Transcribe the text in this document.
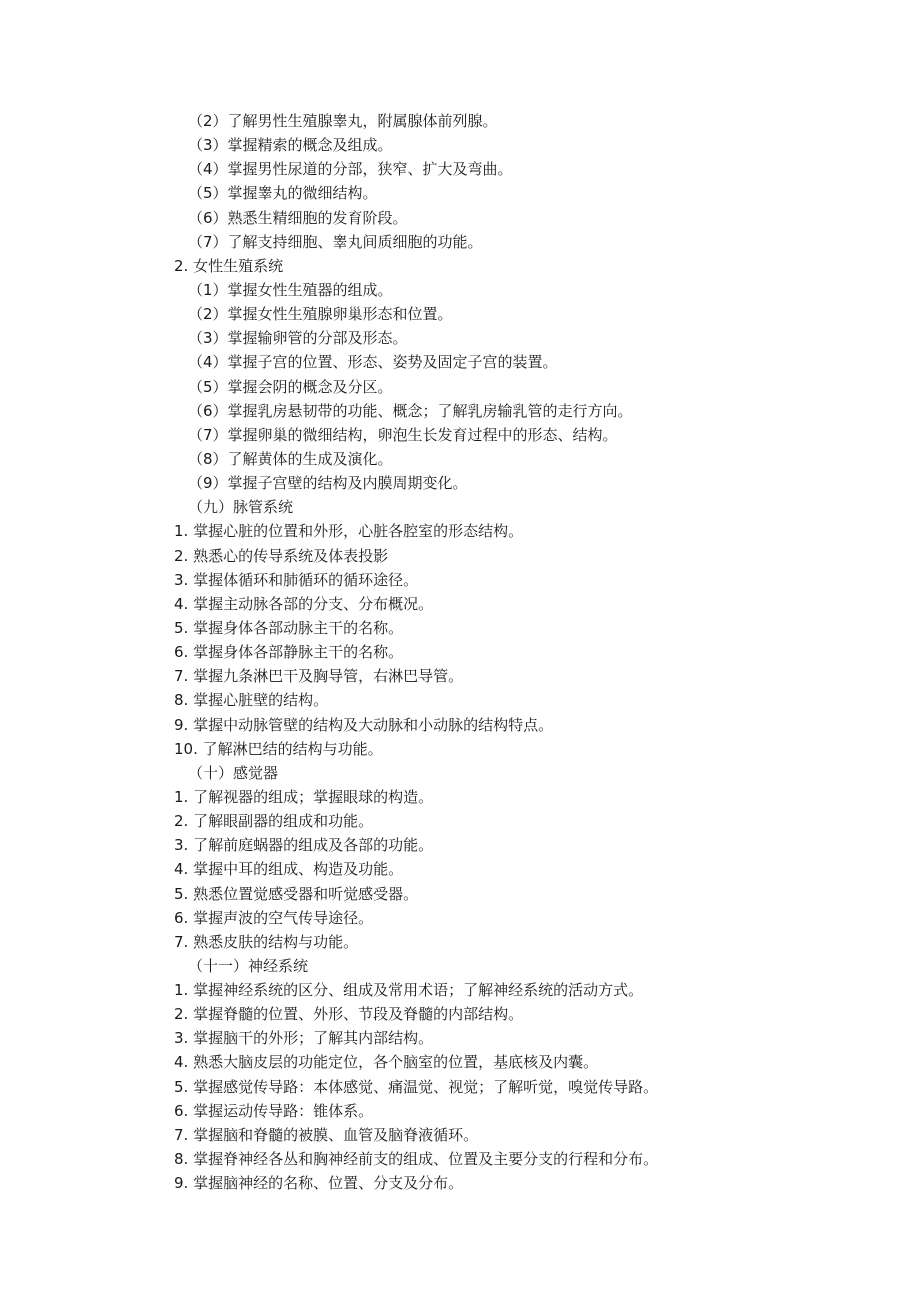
（2）了解男性生殖腺睾丸，附属腺体前列腺。
（3）掌握精索的概念及组成。
（4）掌握男性尿道的分部，狭窄、扩大及弯曲。
（5）掌握睾丸的微细结构。
（6）熟悉生精细胞的发育阶段。
（7）了解支持细胞、睾丸间质细胞的功能。
2. 女性生殖系统
（1）掌握女性生殖器的组成。
（2）掌握女性生殖腺卵巢形态和位置。
（3）掌握输卵管的分部及形态。
（4）掌握子宫的位置、形态、姿势及固定子宫的装置。
（5）掌握会阴的概念及分区。
（6）掌握乳房悬韧带的功能、概念；了解乳房输乳管的走行方向。
（7）掌握卵巢的微细结构，卵泡生长发育过程中的形态、结构。
（8）了解黄体的生成及演化。
（9）掌握子宫壁的结构及内膜周期变化。
（九）脉管系统
1. 掌握心脏的位置和外形，心脏各腔室的形态结构。
2. 熟悉心的传导系统及体表投影
3. 掌握体循环和肺循环的循环途径。
4. 掌握主动脉各部的分支、分布概况。
5. 掌握身体各部动脉主干的名称。
6. 掌握身体各部静脉主干的名称。
7. 掌握九条淋巴干及胸导管，右淋巴导管。
8. 掌握心脏壁的结构。
9. 掌握中动脉管壁的结构及大动脉和小动脉的结构特点。
10. 了解淋巴结的结构与功能。
（十）感觉器
1. 了解视器的组成；掌握眼球的构造。
2. 了解眼副器的组成和功能。
3. 了解前庭蜗器的组成及各部的功能。
4. 掌握中耳的组成、构造及功能。
5. 熟悉位置觉感受器和听觉感受器。
6. 掌握声波的空气传导途径。
7. 熟悉皮肤的结构与功能。
（十一）神经系统
1. 掌握神经系统的区分、组成及常用术语；了解神经系统的活动方式。
2. 掌握脊髓的位置、外形、节段及脊髓的内部结构。
3. 掌握脑干的外形；了解其内部结构。
4. 熟悉大脑皮层的功能定位，各个脑室的位置，基底核及内囊。
5. 掌握感觉传导路：本体感觉、痛温觉、视觉；了解听觉，嗅觉传导路。
6. 掌握运动传导路：锥体系。
7. 掌握脑和脊髓的被膜、血管及脑脊液循环。
8. 掌握脊神经各丛和胸神经前支的组成、位置及主要分支的行程和分布。
9. 掌握脑神经的名称、位置、分支及分布。
